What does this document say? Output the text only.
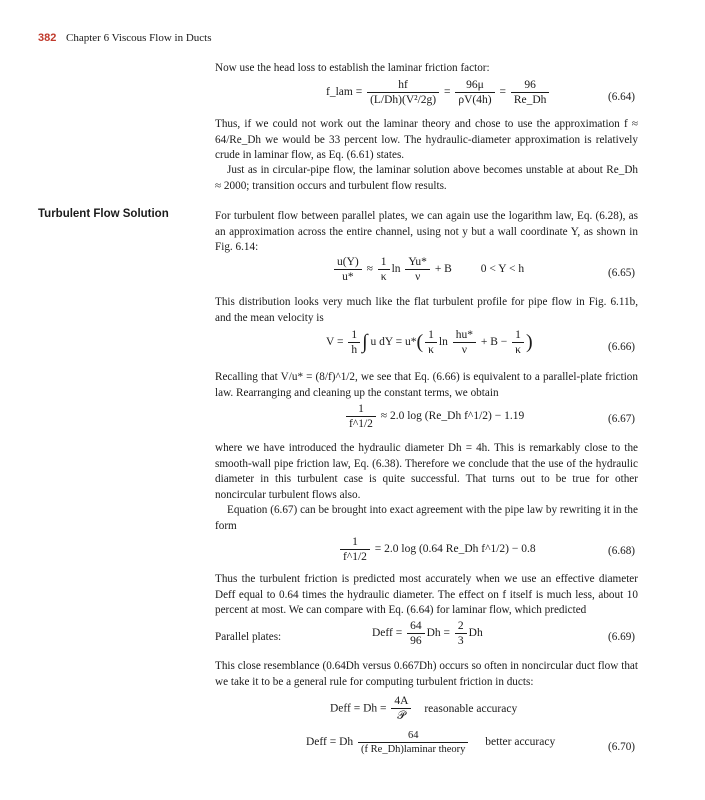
382 Chapter 6 Viscous Flow in Ducts

Now use the head loss to establish the laminar friction factor:

f_lam = $\frac{hf}{\text{(L/Dh)(V²/2g)}} = \frac{96\mu}{\rho V(4h)} = \frac{96}{Re\_Dh}$	(6.64)

Thus, if we could not work out the laminar theory and chose to use the approximation f ≈ 64/Re_Dh we would be 33 percent low. The hydraulic-diameter approximation is relatively crude in laminar flow, as Eq. (6.61) states.

Just as in circular-pipe flow, the laminar solution above becomes unstable at about Re_Dh ≈ 2000; transition occurs and turbulent flow results.

Turbulent Flow Solution	For turbulent flow between parallel plates, we can again use the logarithm law, Eq. (6.28), as an approximation across the entire channel, using not y but a wall coordinate Y, as shown in Fig. 6.14:

$\frac{u(Y)}{u*} \approx \frac{1}{\kappa}$ $\ln \frac{Yu*}{\nu} + B$	0 < Y < h	(6.65)

This distribution looks very much like the flat turbulent profile for pipe flow in Fig. 6.11b, and the mean velocity is

$V = \frac{1}{h}$ ∫ u dY = $u*( \frac{1}{\kappa}$ $\ln \frac{hu*}{\nu} + B - \frac{1}{\kappa}$ )	(6.66)

Recalling that V/u* = (8/f)^1/2, we see that Eq. (6.66) is equivalent to a parallel-plate friction law. Rearranging and cleaning up the constant terms, we obtain

$\frac{1}{f\^{}1/2} \approx 2.0$ log (Re_Dh f^1/2) − 1.19	(6.67)

where we have introduced the hydraulic diameter Dh = 4h. This is remarkably close to the smooth-wall pipe friction law, Eq. (6.38). Therefore we conclude that the use of the hydraulic diameter in this turbulent case is quite successful. That turns out to be true for other noncircular turbulent flows also.

Equation (6.67) can be brought into exact agreement with the pipe law by rewriting it in the form

$\frac{1}{f\^{}1/2} = 2.0$ log (0.64 Re_Dh f^1/2) − 0.8	(6.68)

Thus the turbulent friction is predicted most accurately when we use an effective diameter Deff equal to 0.64 times the hydraulic diameter. The effect on f itself is much less, about 10 percent at most. We can compare with Eq. (6.64) for laminar flow, which predicted

Parallel plates:	Deff = $\frac{64}{96}$ $Dh = \frac{2}{3}$ Dh	(6.69)

This close resemblance (0.64Dh versus 0.667Dh) occurs so often in noncircular duct flow that we take it to be a general rule for computing turbulent friction in ducts:

Deff = $Dh = \frac{4A}{\text{𝒫}}$ reasonable accuracy
Deff = Dh $\frac{64}{\text{(f Re\_Dh)laminar theory}}$ better accuracy	(6.70)
